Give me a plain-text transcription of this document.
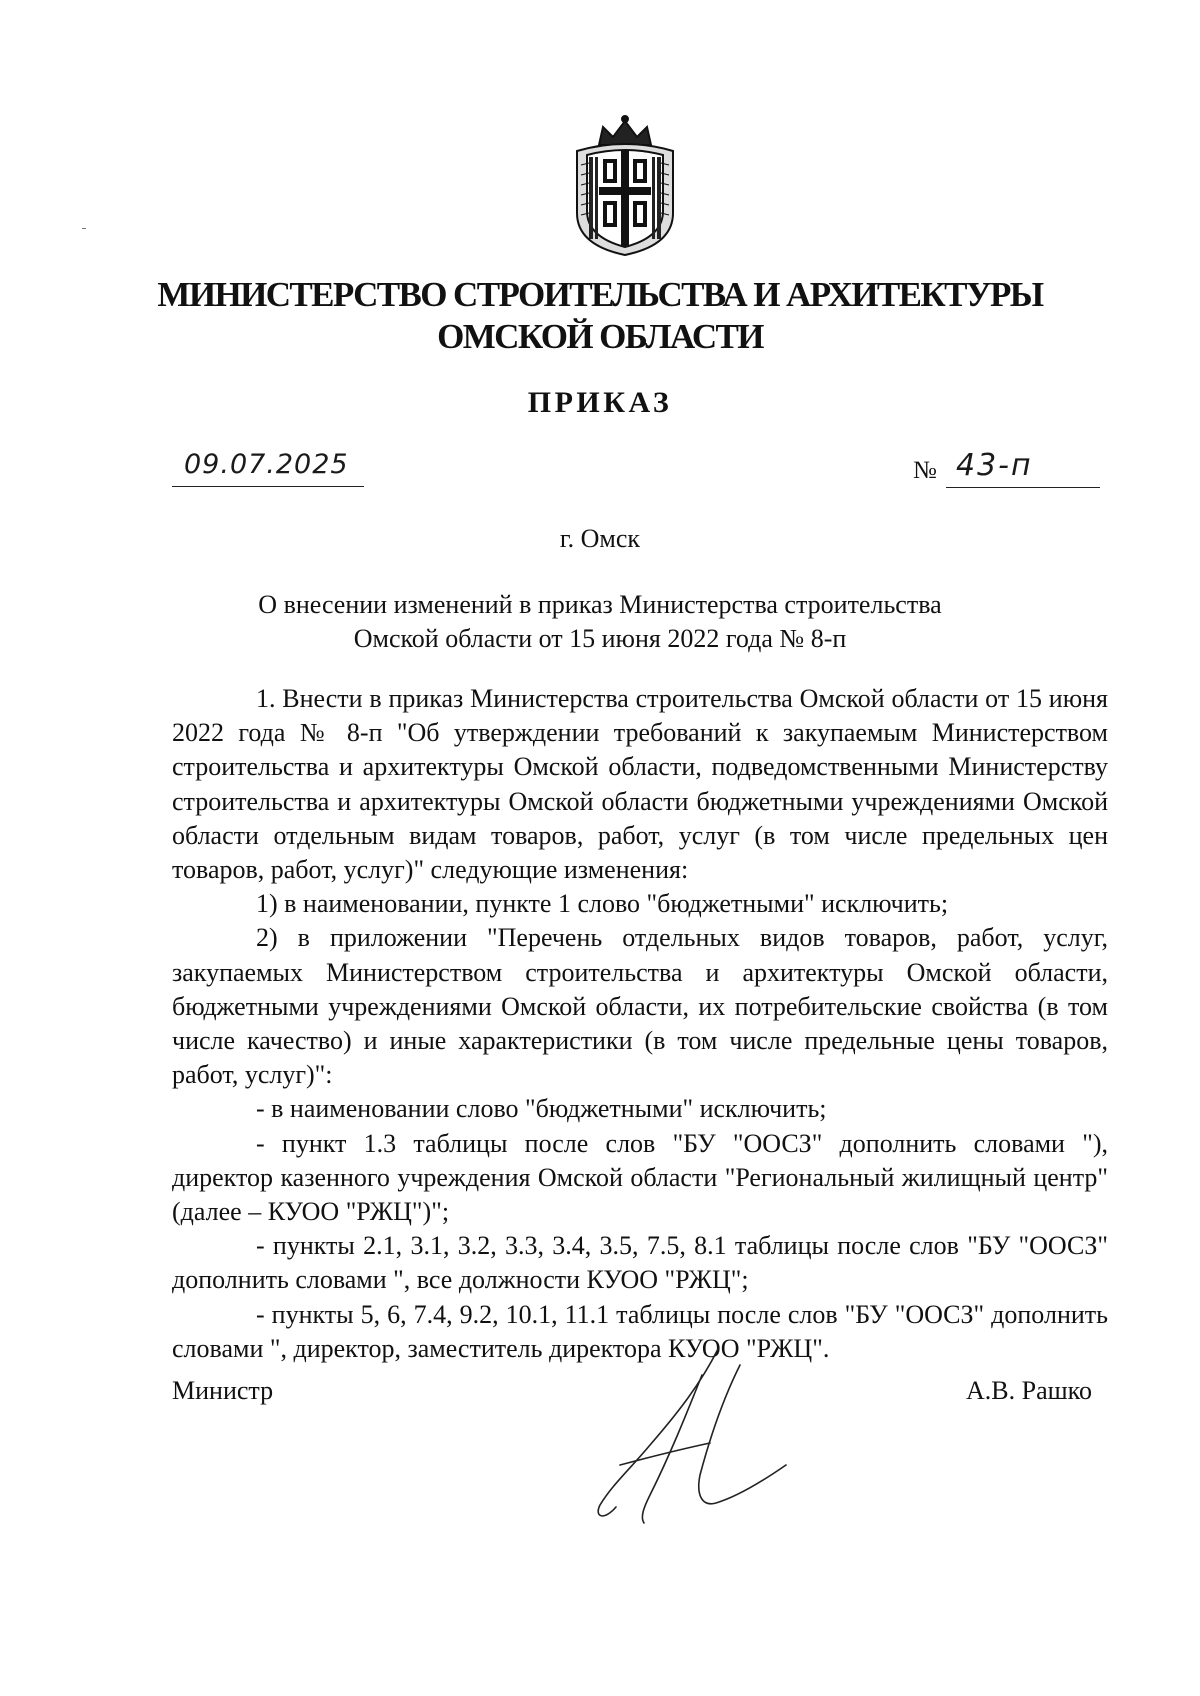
МИНИСТЕРСТВО СТРОИТЕЛЬСТВА И АРХИТЕКТУРЫ
ОМСКОЙ ОБЛАСТИ
ПРИКАЗ
09.07.2025	№ 43-п
г. Омск
О внесении изменений в приказ Министерства строительства
Омской области от 15 июня 2022 года № 8-п

1. Внести в приказ Министерства строительства Омской области от 15 июня 2022 года № 8-п "Об утверждении требований к закупаемым Министерством строительства и архитектуры Омской области, подведомственными Министерству строительства и архитектуры Омской области бюджетными учреждениями Омской области отдельным видам товаров, работ, услуг (в том числе предельных цен товаров, работ, услуг)" следующие изменения:

1) в наименовании, пункте 1 слово "бюджетными" исключить;

2) в приложении "Перечень отдельных видов товаров, работ, услуг, закупаемых Министерством строительства и архитектуры Омской области, бюджетными учреждениями Омской области, их потребительские свойства (в том числе качество) и иные характеристики (в том числе предельные цены товаров, работ, услуг)":

- в наименовании слово "бюджетными" исключить;

- пункт 1.3 таблицы после слов "БУ "ООСЗ" дополнить словами "), директор казенного учреждения Омской области "Региональный жилищный центр" (далее – КУОО "РЖЦ")";

- пункты 2.1, 3.1, 3.2, 3.3, 3.4, 3.5, 7.5, 8.1 таблицы после слов "БУ "ООСЗ" дополнить словами ", все должности КУОО "РЖЦ";

- пункты 5, 6, 7.4, 9.2, 10.1, 11.1 таблицы после слов "БУ "ООСЗ" дополнить словами ", директор, заместитель директора КУОО "РЖЦ".

Министр	А.В. Рашко
